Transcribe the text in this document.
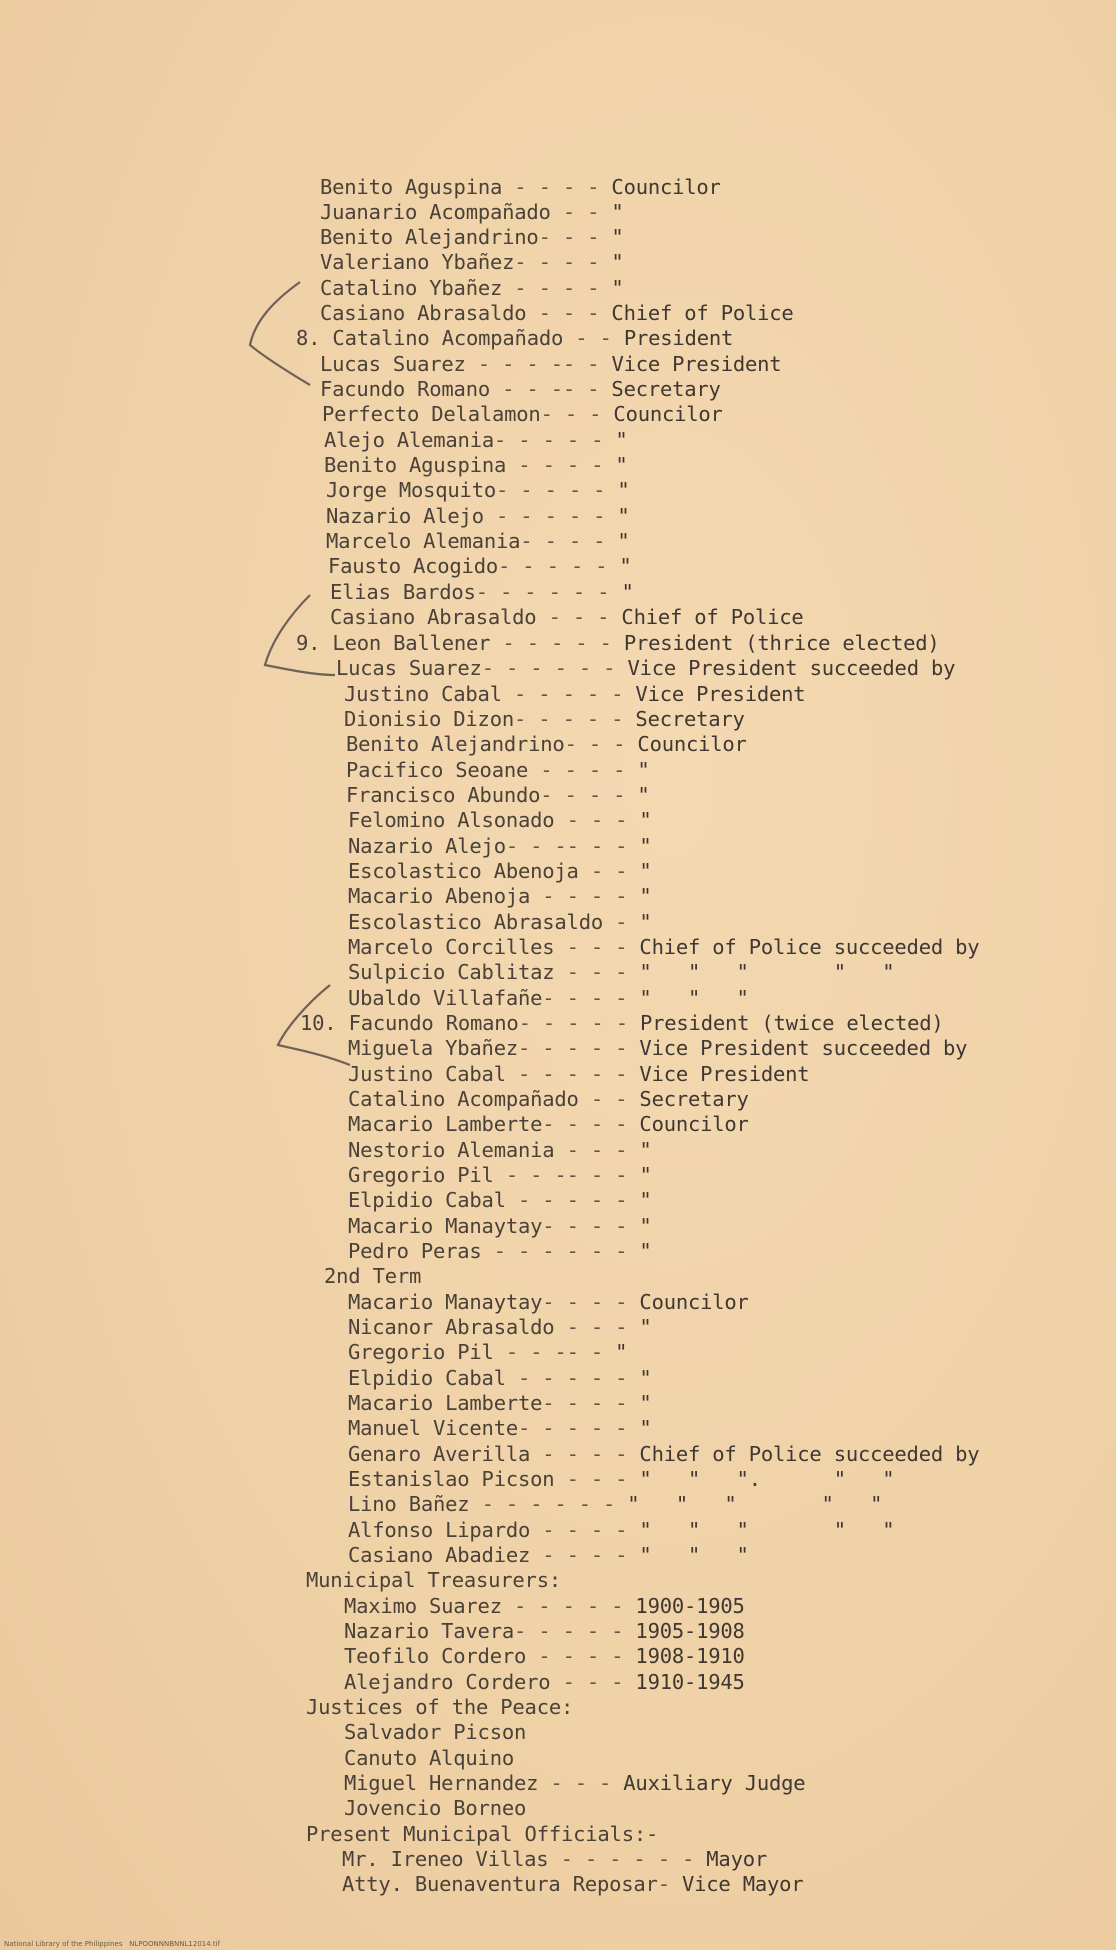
Benito Aguspina - - - - Councilor
Juanario Acompañado - - "
Benito Alejandrino- - - "
Valeriano Ybañez- - - - "
Catalino Ybañez - - - - "
Casiano Abrasaldo - - - Chief of Police
8. Catalino Acompañado - - President
Lucas Suarez - - - -- - Vice President
Facundo Romano - - -- - Secretary
Perfecto Delalamon- - - Councilor
Alejo Alemania- - - - - "
Benito Aguspina - - - - "
Jorge Mosquito- - - - - "
Nazario Alejo - - - - - "
Marcelo Alemania- - - - "
Fausto Acogido- - - - - "
Elias Bardos- - - - - - "
Casiano Abrasaldo - - - Chief of Police
9. Leon Ballener - - - - - President (thrice elected)
Lucas Suarez- - - - - - Vice President succeeded by
Justino Cabal - - - - - Vice President
Dionisio Dizon- - - - - Secretary
Benito Alejandrino- - - Councilor
Pacifico Seoane - - - - "
Francisco Abundo- - - - "
Felomino Alsonado - - - "
Nazario Alejo- - -- - - "
Escolastico Abenoja - - "
Macario Abenoja - - - - "
Escolastico Abrasaldo - "
Marcelo Corcilles - - - Chief of Police succeeded by
Sulpicio Cablitaz - - - "   "   "       "   "
Ubaldo Villafañe- - - - "   "   "
10. Facundo Romano- - - - - President (twice elected)
Miguela Ybañez- - - - - Vice President succeeded by
Justino Cabal - - - - - Vice President
Catalino Acompañado - - Secretary
Macario Lamberte- - - - Councilor
Nestorio Alemania - - - "
Gregorio Pil - - -- - - "
Elpidio Cabal - - - - - "
Macario Manaytay- - - - "
Pedro Peras - - - - - - "
2nd Term
Macario Manaytay- - - - Councilor
Nicanor Abrasaldo - - - "
Gregorio Pil - - -- - "
Elpidio Cabal - - - - - "
Macario Lamberte- - - - "
Manuel Vicente- - - - - "
Genaro Averilla - - - - Chief of Police succeeded by
Estanislao Picson - - - "   "   ".      "   "
Lino Bañez - - - - - - "   "   "       "   "
Alfonso Lipardo - - - - "   "   "       "   "
Casiano Abadiez - - - - "   "   "
Municipal Treasurers:
Maximo Suarez - - - - - 1900-1905
Nazario Tavera- - - - - 1905-1908
Teofilo Cordero - - - - 1908-1910
Alejandro Cordero - - - 1910-1945
Justices of the Peace:
Salvador Picson
Canuto Alquino
Miguel Hernandez - - - Auxiliary Judge
Jovencio Borneo
Present Municipal Officials:-
Mr. Ireneo Villas - - - - - - Mayor
Atty. Buenaventura Reposar- Vice Mayor
National Library of the Philippines   NLPOONNNBNNL12014.tif
